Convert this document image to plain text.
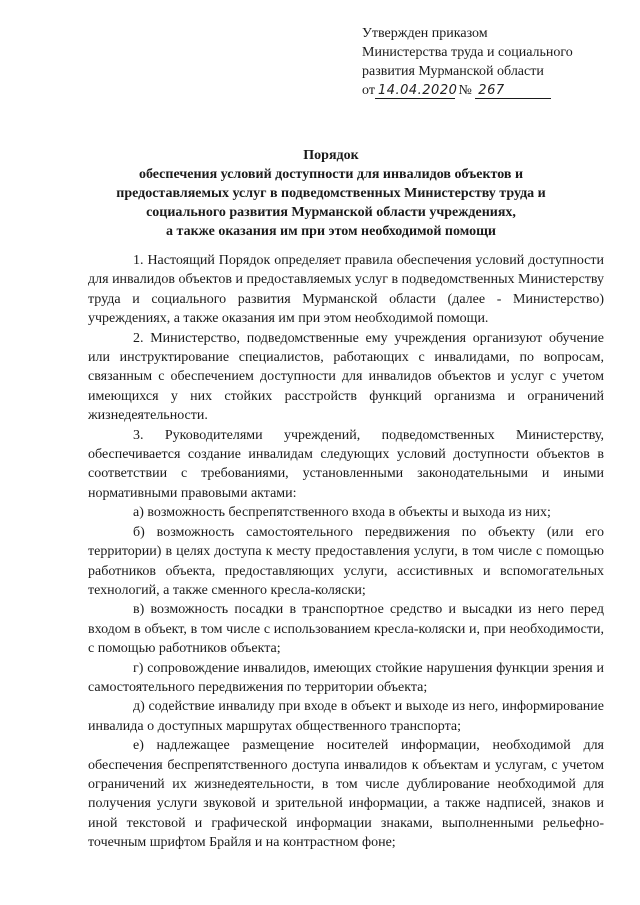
Утвержден приказом
Министерства труда и социального
развития Мурманской области
от 14.04.2020 № 267
Порядок
обеспечения условий доступности для инвалидов объектов и
предоставляемых услуг в подведомственных Министерству труда и
социального развития Мурманской области учреждениях,
а также оказания им при этом необходимой помощи

1. Настоящий Порядок определяет правила обеспечения условий доступности для инвалидов объектов и предоставляемых услуг в подведомственных Министерству труда и социального развития Мурманской области (далее - Министерство) учреждениях, а также оказания им при этом необходимой помощи.

2. Министерство, подведомственные ему учреждения организуют обучение или инструктирование специалистов, работающих с инвалидами, по вопросам, связанным с обеспечением доступности для инвалидов объектов и услуг с учетом имеющихся у них стойких расстройств функций организма и ограничений жизнедеятельности.

3. Руководителями учреждений, подведомственных Министерству, обеспечивается создание инвалидам следующих условий доступности объектов в соответствии с требованиями, установленными законодательными и иными нормативными правовыми актами:

а) возможность беспрепятственного входа в объекты и выхода из них;

б) возможность самостоятельного передвижения по объекту (или его территории) в целях доступа к месту предоставления услуги, в том числе с помощью работников объекта, предоставляющих услуги, ассистивных и вспомогательных технологий, а также сменного кресла-коляски;

в) возможность посадки в транспортное средство и высадки из него перед входом в объект, в том числе с использованием кресла-коляски и, при необходимости, с помощью работников объекта;

г) сопровождение инвалидов, имеющих стойкие нарушения функции зрения и самостоятельного передвижения по территории объекта;

д) содействие инвалиду при входе в объект и выходе из него, информирование инвалида о доступных маршрутах общественного транспорта;

е) надлежащее размещение носителей информации, необходимой для обеспечения беспрепятственного доступа инвалидов к объектам и услугам, с учетом ограничений их жизнедеятельности, в том числе дублирование необходимой для получения услуги звуковой и зрительной информации, а также надписей, знаков и иной текстовой и графической информации знаками, выполненными рельефно-точечным шрифтом Брайля и на контрастном фоне;
